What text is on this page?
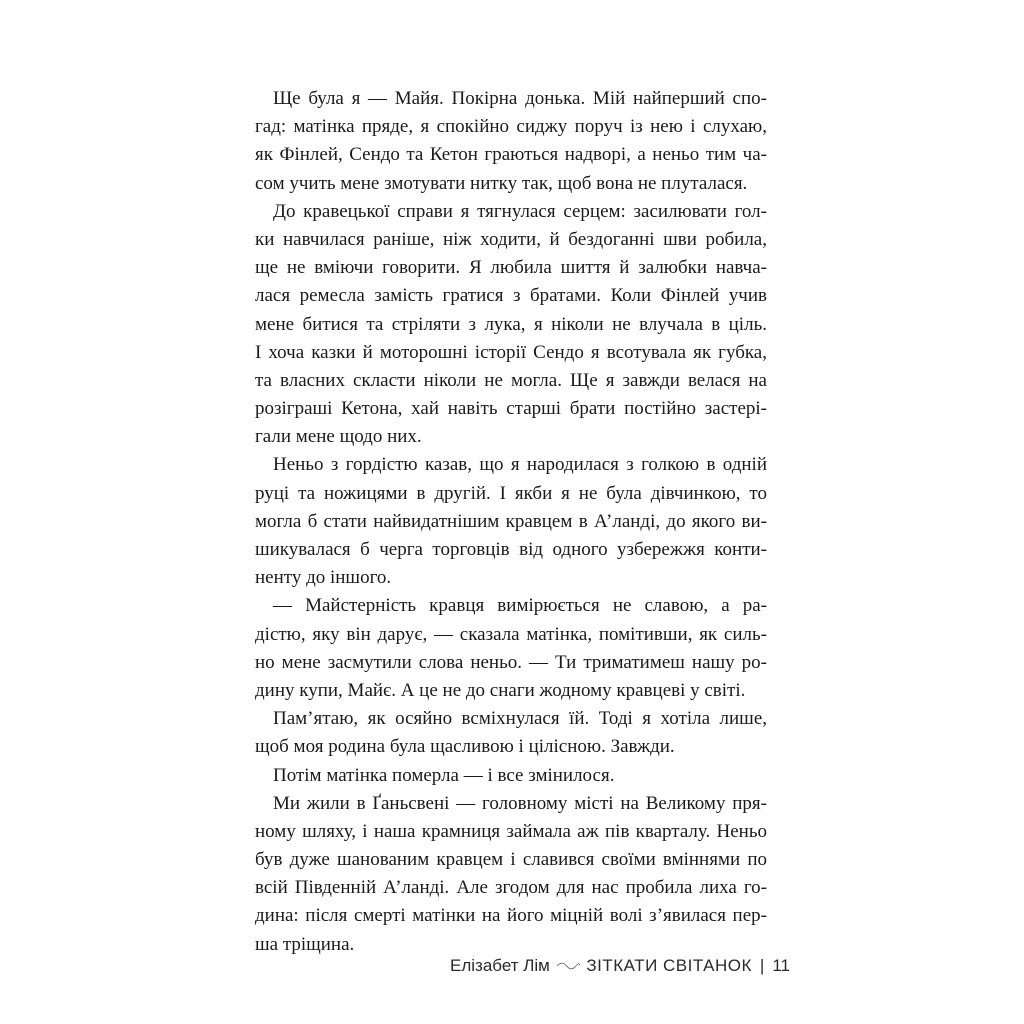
Ще була я — Майя. Покірна донька. Мій найперший спо-
гад: матінка пряде, я спокійно сиджу поруч із нею і слухаю,
як Фінлей, Сендо та Кетон граються надворі, а неньо тим ча-
сом учить мене змотувати нитку так, щоб вона не плуталася.
До кравецької справи я тягнулася серцем: засилювати гол-
ки навчилася раніше, ніж ходити, й бездоганні шви робила,
ще не вміючи говорити. Я любила шиття й залюбки навча-
лася ремесла замість гратися з братами. Коли Фінлей учив
мене битися та стріляти з лука, я ніколи не влучала в ціль.
І хоча казки й моторошні історії Сендо я всотувала як губка,
та власних скласти ніколи не могла. Ще я завжди велася на
розіграші Кетона, хай навіть старші брати постійно застері-
гали мене щодо них.
Неньо з гордістю казав, що я народилася з голкою в одній
руці та ножицями в другій. І якби я не була дівчинкою, то
могла б стати найвидатнішим кравцем в А’ланді, до якого ви-
шикувалася б черга торговців від одного узбережжя конти-
ненту до іншого.
— Майстерність кравця вимірюється не славою, а ра-
дістю, яку він дарує, — сказала матінка, помітивши, як силь-
но мене засмутили слова неньо. — Ти триматимеш нашу ро-
дину купи, Майє. А це не до снаги жодному кравцеві у світі.
Пам’ятаю, як осяйно всміхнулася їй. Тоді я хотіла лише,
щоб моя родина була щасливою і цілісною. Завжди.
Потім матінка померла — і все змінилося.
Ми жили в Ґаньсвені — головному місті на Великому пря-
ному шляху, і наша крамниця займала аж пів кварталу. Неньо
був дуже шанованим кравцем і славився своїми вміннями по
всій Південній А’ланді. Але згодом для нас пробила лиха го-
дина: після смерті матінки на його міцній волі з’явилася пер-
ша тріщина.
Елізабет Лім ЗІТКАТИ СВІТАНОК | 11
